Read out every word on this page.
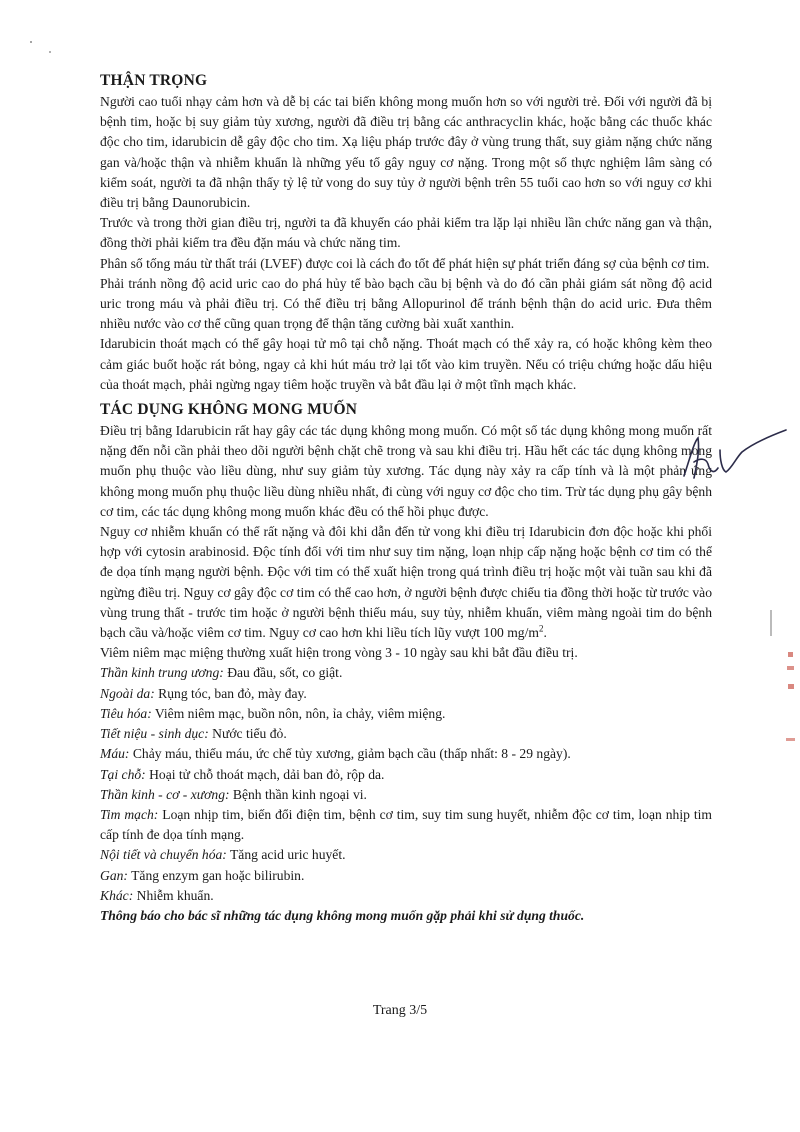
THẬN TRỌNG

Người cao tuổi nhạy cảm hơn và dễ bị các tai biến không mong muốn hơn so với người trẻ. Đối với người đã bị bệnh tim, hoặc bị suy giảm tủy xương, người đã điều trị bằng các anthracyclin khác, hoặc bằng các thuốc khác độc cho tim, idarubicin dễ gây độc cho tim. Xạ liệu pháp trước đây ở vùng trung thất, suy giảm nặng chức năng gan và/hoặc thận và nhiễm khuẩn là những yếu tố gây nguy cơ nặng. Trong một số thực nghiệm lâm sàng có kiểm soát, người ta đã nhận thấy tỷ lệ tử vong do suy tủy ở người bệnh trên 55 tuổi cao hơn so với nguy cơ khi điều trị bằng Daunorubicin.

Trước và trong thời gian điều trị, người ta đã khuyến cáo phải kiểm tra lặp lại nhiều lần chức năng gan và thận, đồng thời phải kiểm tra đều đặn máu và chức năng tim.

Phân số tống máu từ thất trái (LVEF) được coi là cách đo tốt để phát hiện sự phát triển đáng sợ của bệnh cơ tim.

Phải tránh nồng độ acid uric cao do phá hủy tế bào bạch cầu bị bệnh và do đó cần phải giám sát nồng độ acid uric trong máu và phải điều trị. Có thể điều trị bằng Allopurinol để tránh bệnh thận do acid uric. Đưa thêm nhiều nước vào cơ thể cũng quan trọng để thận tăng cường bài xuất xanthin.

Idarubicin thoát mạch có thể gây hoại tử mô tại chỗ nặng. Thoát mạch có thể xảy ra, có hoặc không kèm theo cảm giác buốt hoặc rát bỏng, ngay cả khi hút máu trở lại tốt vào kim truyền. Nếu có triệu chứng hoặc dấu hiệu của thoát mạch, phải ngừng ngay tiêm hoặc truyền và bắt đầu lại ở một tĩnh mạch khác.

TÁC DỤNG KHÔNG MONG MUỐN

Điều trị bằng Idarubicin rất hay gây các tác dụng không mong muốn. Có một số tác dụng không mong muốn rất nặng đến nỗi cần phải theo dõi người bệnh chặt chẽ trong và sau khi điều trị. Hầu hết các tác dụng không mong muốn phụ thuộc vào liều dùng, như suy giảm tủy xương. Tác dụng này xảy ra cấp tính và là một phản ứng không mong muốn phụ thuộc liều dùng nhiều nhất, đi cùng với nguy cơ độc cho tim. Trừ tác dụng phụ gây bệnh cơ tim, các tác dụng không mong muốn khác đều có thể hồi phục được.

Nguy cơ nhiễm khuẩn có thể rất nặng và đôi khi dẫn đến tử vong khi điều trị Idarubicin đơn độc hoặc khi phối hợp với cytosin arabinosid. Độc tính đối với tim như suy tim nặng, loạn nhịp cấp nặng hoặc bệnh cơ tim có thể đe dọa tính mạng người bệnh. Độc với tim có thể xuất hiện trong quá trình điều trị hoặc một vài tuần sau khi đã ngừng điều trị. Nguy cơ gây độc cơ tim có thể cao hơn, ở người bệnh được chiếu tia đồng thời hoặc từ trước vào vùng trung thất - trước tim hoặc ở người bệnh thiếu máu, suy tủy, nhiễm khuẩn, viêm màng ngoài tim do bệnh bạch cầu và/hoặc viêm cơ tim. Nguy cơ cao hơn khi liều tích lũy vượt 100 $mg/m^2$.

Viêm niêm mạc miệng thường xuất hiện trong vòng 3 - 10 ngày sau khi bắt đầu điều trị.

Thần kinh trung ương: Đau đầu, sốt, co giật.

Ngoài da: Rụng tóc, ban đỏ, mày đay.

Tiêu hóa: Viêm niêm mạc, buồn nôn, nôn, ỉa chảy, viêm miệng.

Tiết niệu - sinh dục: Nước tiểu đỏ.

Máu: Chảy máu, thiếu máu, ức chế tủy xương, giảm bạch cầu (thấp nhất: 8 - 29 ngày).

Tại chỗ: Hoại tử chỗ thoát mạch, dải ban đỏ, rộp da.

Thần kinh - cơ - xương: Bệnh thần kinh ngoại vi.

Tim mạch: Loạn nhịp tim, biến đổi điện tim, bệnh cơ tim, suy tim sung huyết, nhiễm độc cơ tim, loạn nhịp tim cấp tính đe dọa tính mạng.

Nội tiết và chuyển hóa: Tăng acid uric huyết.

Gan: Tăng enzym gan hoặc bilirubin.

Khác: Nhiễm khuẩn.

Thông báo cho bác sĩ những tác dụng không mong muốn gặp phải khi sử dụng thuốc.

Trang 3/5
